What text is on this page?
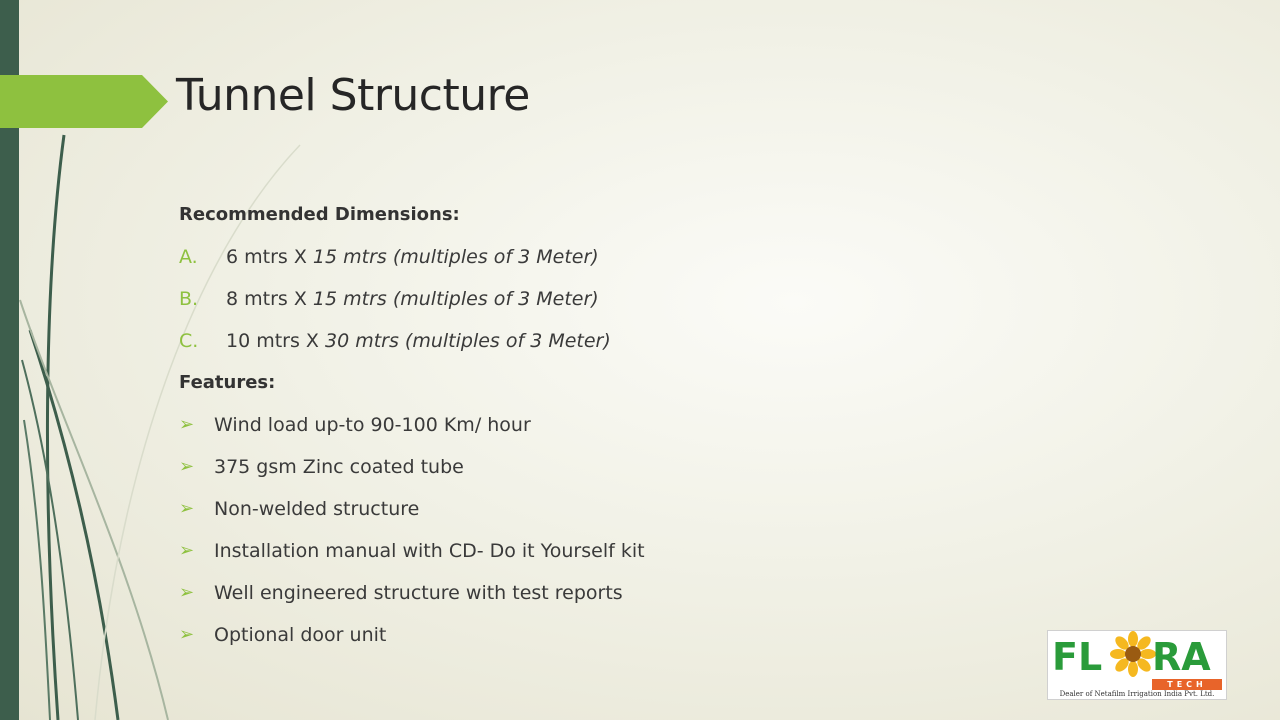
Tunnel Structure
Recommended Dimensions:
A. 6 mtrs X 15 mtrs (multiples of 3 Meter)
B. 8 mtrs X 15 mtrs (multiples of 3 Meter)
C. 10 mtrs X 30 mtrs (multiples of 3 Meter)
Features:
➢ Wind load up-to 90-100 Km/ hour
➢ 375 gsm Zinc coated tube
➢ Non-welded structure
➢ Installation manual with CD- Do it Yourself kit
➢ Well engineered structure with test reports
➢ Optional door unit	FL RA
TECH
Dealer of Netafilm Irrigation India Pvt. Ltd.
